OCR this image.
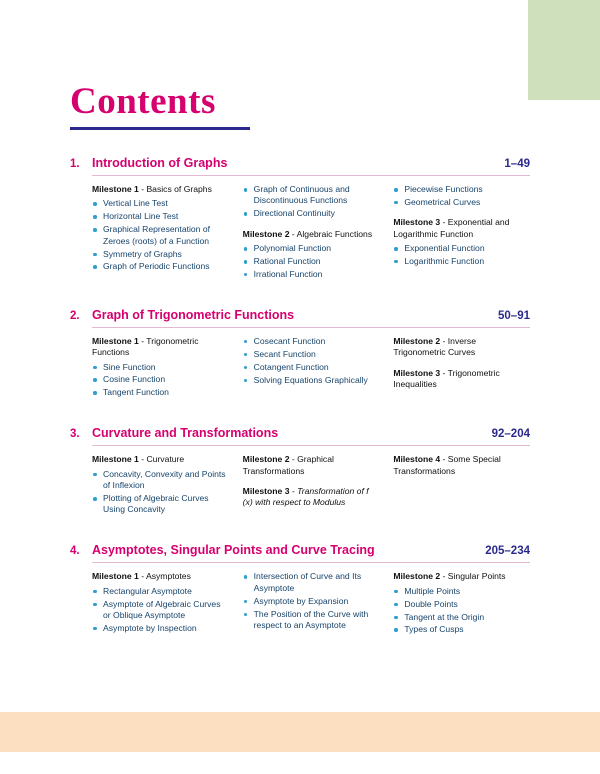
Contents
1. Introduction of Graphs	1–49

Milestone 1 - Basics of Graphs

Vertical Line Test
Horizontal Line Test
Graphical Representation of Zeroes (roots) of a Function
Symmetry of Graphs
Graph of Periodic Functions
Graph of Continuous and Discontinuous Functions
Directional Continuity

Milestone 2 - Algebraic Functions

Polynomial Function
Rational Function
Irrational Function
Piecewise Functions
Geometrical Curves

Milestone 3 - Exponential and Logarithmic Function

Exponential Function
Logarithmic Function
2. Graph of Trigonometric Functions	50–91

Milestone 1 - Trigonometric Functions

Sine Function
Cosine Function
Tangent Function
Cosecant Function
Secant Function
Cotangent Function
Solving Equations Graphically

Milestone 2 - Inverse Trigonometric Curves

Milestone 3 - Trigonometric Inequalities

3. Curvature and Transformations	92–204

Milestone 1 - Curvature

Concavity, Convexity and Points of Inflexion
Plotting of Algebraic Curves Using Concavity

Milestone 2 - Graphical Transformations

Milestone 3 - Transformation of f (x) with respect to Modulus

Milestone 4 - Some Special Transformations

4. Asymptotes, Singular Points and Curve Tracing	205–234

Milestone 1 - Asymptotes

Rectangular Asymptote
Asymptote of Algebraic Curves or Oblique Asymptote
Asymptote by Inspection
Intersection of Curve and Its Asymptote
Asymptote by Expansion
The Position of the Curve with respect to an Asymptote

Milestone 2 - Singular Points

Multiple Points
Double Points
Tangent at the Origin
Types of Cusps
